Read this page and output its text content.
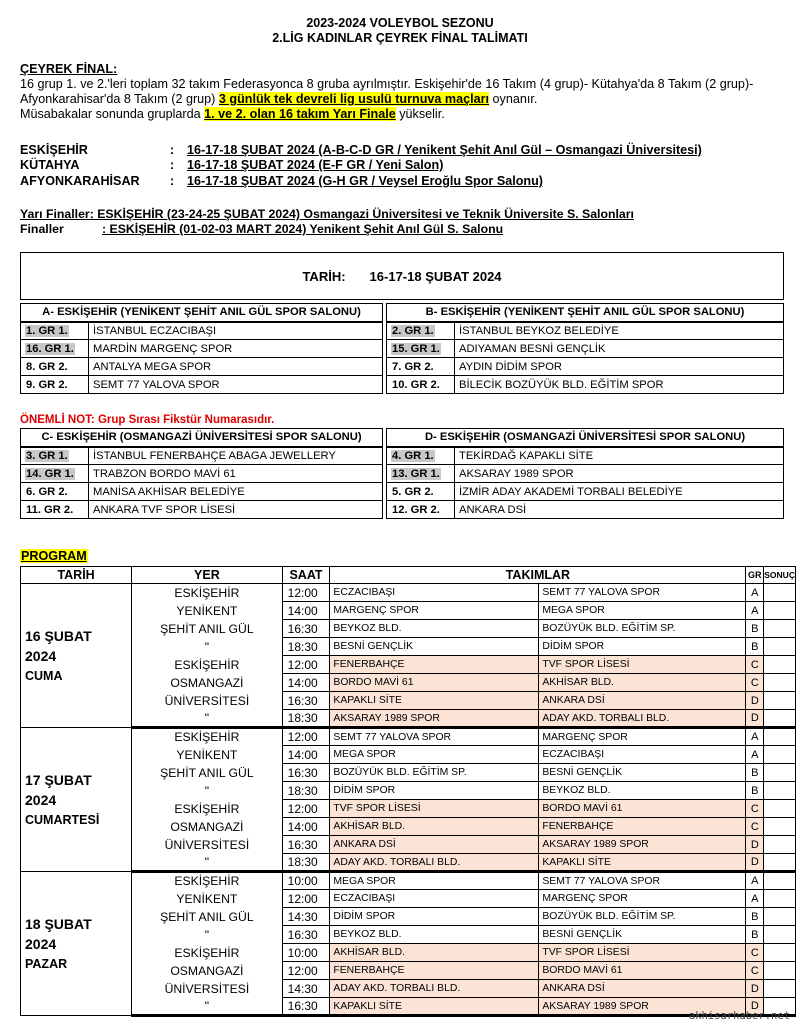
2023-2024 VOLEYBOL SEZONU
2.LİG KADINLAR ÇEYREK FİNAL TALİMATI
ÇEYREK FİNAL:
16 grup 1. ve 2.'leri toplam 32 takım Federasyonca 8 gruba ayrılmıştır. Eskişehir'de 16 Takım (4 grup)- Kütahya'da 8 Takım (2 grup)- Afyonkarahisar'da 8 Takım (2 grup) 3 günlük tek devreli lig usulü turnuva maçları oynanır.
Müsabakalar sonunda gruplarda 1. ve 2. olan 16 takım Yarı Finale yükselir.
ESKİŞEHİR	: 16-17-18 ŞUBAT 2024 (A-B-C-D GR / Yenikent Şehit Anıl Gül – Osmangazi Üniversitesi)
KÜTAHYA	: 16-17-18 ŞUBAT 2024 (E-F GR / Yeni Salon)
AFYONKARAHİSAR : 16-17-18 ŞUBAT 2024 (G-H GR / Veysel Eroğlu Spor Salonu)
Yarı Finaller: ESKİŞEHİR (23-24-25 ŞUBAT 2024) Osmangazi Üniversitesi ve Teknik Üniversite S. Salonları
Finaller	: ESKİŞEHİR (01-02-03 MART 2024) Yenikent Şehit Anıl Gül S. Salonu
TARİH: 16-17-18 ŞUBAT 2024
A- ESKİŞEHİR (YENİKENT ŞEHİT ANIL GÜL SPOR SALONU)	
1. GR 1.	İSTANBUL ECZACIBAŞI
16. GR 1.	MARDİN MARGENÇ SPOR
8. GR 2.	ANTALYA MEGA SPOR
9. GR 2.	SEMT 77 YALOVA SPOR
B- ESKİŞEHİR (YENİKENT ŞEHİT ANIL GÜL SPOR SALONU)	
2. GR 1.	İSTANBUL BEYKOZ BELEDİYE
15. GR 1.	ADIYAMAN BESNİ GENÇLİK
7. GR 2.	AYDIN DİDİM SPOR
10. GR 2.	BİLECİK BOZÜYÜK BLD. EĞİTİM SPOR
ÖNEMLİ NOT: Grup Sırası Fikstür Numarasıdır.
C- ESKİŞEHİR (OSMANGAZİ ÜNİVERSİTESİ SPOR SALONU)	
3. GR 1.	İSTANBUL FENERBAHÇE ABAGA JEWELLERY
14. GR 1.	TRABZON BORDO MAVİ 61
6. GR 2.	MANİSA AKHİSAR BELEDİYE
11. GR 2.	ANKARA TVF SPOR LİSESİ
D- ESKİŞEHİR (OSMANGAZİ ÜNİVERSİTESİ SPOR SALONU)	
4. GR 1.	TEKİRDAĞ KAPAKLI SİTE
13. GR 1.	AKSARAY 1989 SPOR
5. GR 2.	İZMİR ADAY AKADEMİ TORBALI BELEDİYE
12. GR 2.	ANKARA DSİ
PROGRAM
TARİH	YER	SAAT	TAKIMLAR		GR	SONUÇ

16 ŞUBAT
2024
CUMA	ESKİŞEHİR	12:00	ECZACIBAŞI	SEMT 77 YALOVA SPOR	A	
	YENİKENT	14:00	MARGENÇ SPOR	MEGA SPOR	A	
	ŞEHİT ANIL GÜL	16:30	BEYKOZ BLD.	BOZÜYÜK BLD. EĞİTİM SP.	B	
	"	18:30	BESNİ GENÇLİK	DİDİM SPOR	B	
	ESKİŞEHİR	12:00	FENERBAHÇE	TVF SPOR LİSESİ	C	
	OSMANGAZİ	14:00	BORDO MAVİ 61	AKHİSAR BLD.	C	
	ÜNİVERSİTESİ	16:30	KAPAKLI SİTE	ANKARA DSİ	D	
	"	18:30	AKSARAY 1989 SPOR	ADAY AKD. TORBALI BLD.	D	

17 ŞUBAT
2024
CUMARTESİ	ESKİŞEHİR	12:00	SEMT 77 YALOVA SPOR	MARGENÇ SPOR	A	
	YENİKENT	14:00	MEGA SPOR	ECZACIBAŞI	A	
	ŞEHİT ANIL GÜL	16:30	BOZÜYÜK BLD. EĞİTİM SP.	BESNİ GENÇLİK	B	
	"	18:30	DİDİM SPOR	BEYKOZ BLD.	B	
	ESKİŞEHİR	12:00	TVF SPOR LİSESİ	BORDO MAVİ 61	C	
	OSMANGAZİ	14:00	AKHİSAR BLD.	FENERBAHÇE	C	
	ÜNİVERSİTESİ	16:30	ANKARA DSİ	AKSARAY 1989 SPOR	D	
	"	18:30	ADAY AKD. TORBALI BLD.	KAPAKLI SİTE	D	

18 ŞUBAT
2024
PAZAR	ESKİŞEHİR	10:00	MEGA SPOR	SEMT 77 YALOVA SPOR	A	
	YENİKENT	12:00	ECZACIBAŞI	MARGENÇ SPOR	A	
	ŞEHİT ANIL GÜL	14:30	DİDİM SPOR	BOZÜYÜK BLD. EĞİTİM SP.	B	
	"	16:30	BEYKOZ BLD.	BESNİ GENÇLİK	B	
	ESKİŞEHİR	10:00	AKHİSAR BLD.	TVF SPOR LİSESİ	C	
	OSMANGAZİ	12:00	FENERBAHÇE	BORDO MAVİ 61	C	
	ÜNİVERSİTESİ	14:30	ADAY AKD. TORBALI BLD.	ANKARA DSİ	D	
	"	16:30	KAPAKLI SİTE	AKSARAY 1989 SPOR	D	
akhisarhaber.net
